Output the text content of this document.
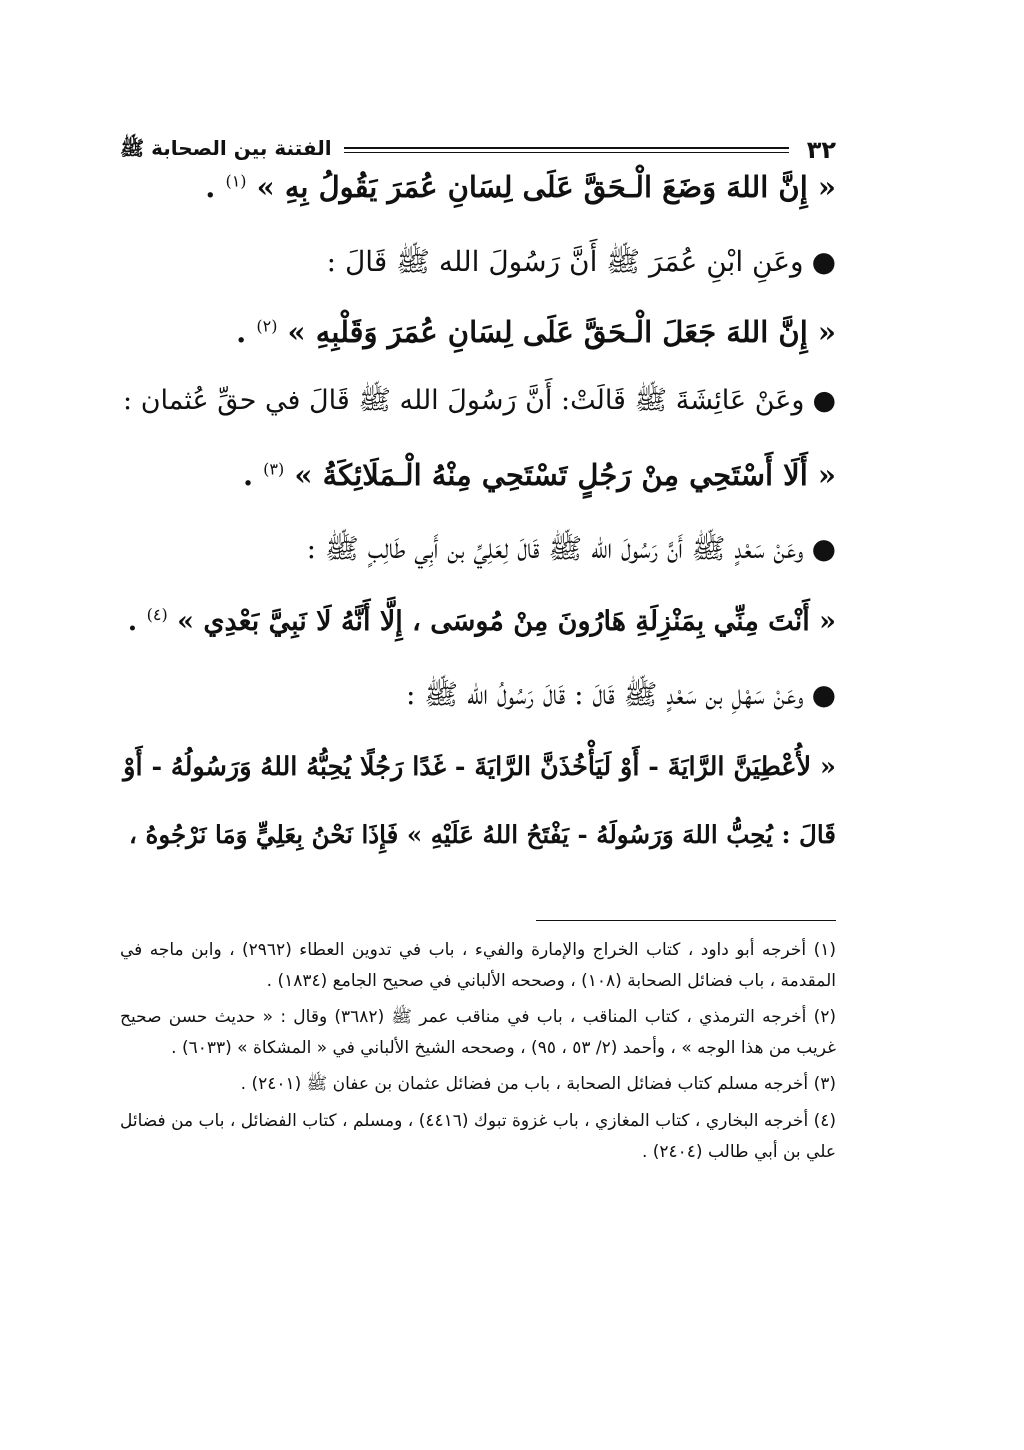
٣٢
الفتنة بين الصحابة ﷺ

« إِنَّ اللهَ وَضَعَ الْـحَقَّ عَلَى لِسَانِ عُمَرَ يَقُولُ بِهِ » $^{(١)}$ .

●وعَنِ ابْنِ عُمَرَ ﷺ أَنَّ رَسُولَ الله ﷺ قَالَ :

« إِنَّ اللهَ جَعَلَ الْـحَقَّ عَلَى لِسَانِ عُمَرَ وَقَلْبِهِ » $^{(٢)}$ .

●وعَنْ عَائِشَةَ ﷺ قَالَتْ: أَنَّ رَسُولَ الله ﷺ قَالَ في حقِّ عُثمان :

« أَلَا أَسْتَحِي مِنْ رَجُلٍ تَسْتَحِي مِنْهُ الْـمَلَائِكَةُ » $^{(٣)}$ .

●وعَنْ سَعْدٍ ﷺ أَنَّ رَسُولَ الله ﷺ قَالَ لِعَلِيِّ بن أَبِي طَالِبٍ ﷺ :

« أَنْتَ مِنِّي بِمَنْزِلَةِ هَارُونَ مِنْ مُوسَى ، إِلَّا أَنَّهُ لَا نَبِيَّ بَعْدِي » $^{(٤)}$ .

●وعَنْ سَهْلِ بن سَعْدٍ ﷺ قَالَ : قَالَ رَسُولُ الله ﷺ :

« لأُعْطِيَنَّ الرَّايَةَ - أَوْ لَيَأْخُذَنَّ الرَّايَةَ - غَدًا رَجُلًا يُحِبُّهُ اللهُ وَرَسُولُهُ - أَوْ

قَالَ : يُحِبُّ اللهَ وَرَسُولَهُ - يَفْتَحُ اللهُ عَلَيْهِ » فَإِذَا نَحْنُ بِعَلِيٍّ وَمَا نَرْجُوهُ ،

(١) أخرجه أبو داود ، كتاب الخراج والإمارة والفيء ، باب في تدوين العطاء (٢٩٦٢) ، وابن ماجه في المقدمة ، باب فضائل الصحابة (١٠٨) ، وصححه الألباني في صحيح الجامع (١٨٣٤) .

(٢) أخرجه الترمذي ، كتاب المناقب ، باب في مناقب عمر ﷺ (٣٦٨٢) وقال : « حديث حسن صحيح غريب من هذا الوجه » ، وأحمد (٢/ ٥٣ ، ٩٥) ، وصححه الشيخ الألباني في « المشكاة » (٦٠٣٣) .

(٣) أخرجه مسلم كتاب فضائل الصحابة ، باب من فضائل عثمان بن عفان ﷺ (٢٤٠١) .

(٤) أخرجه البخاري ، كتاب المغازي ، باب غزوة تبوك (٤٤١٦) ، ومسلم ، كتاب الفضائل ، باب من فضائل علي بن أبي طالب (٢٤٠٤) .
